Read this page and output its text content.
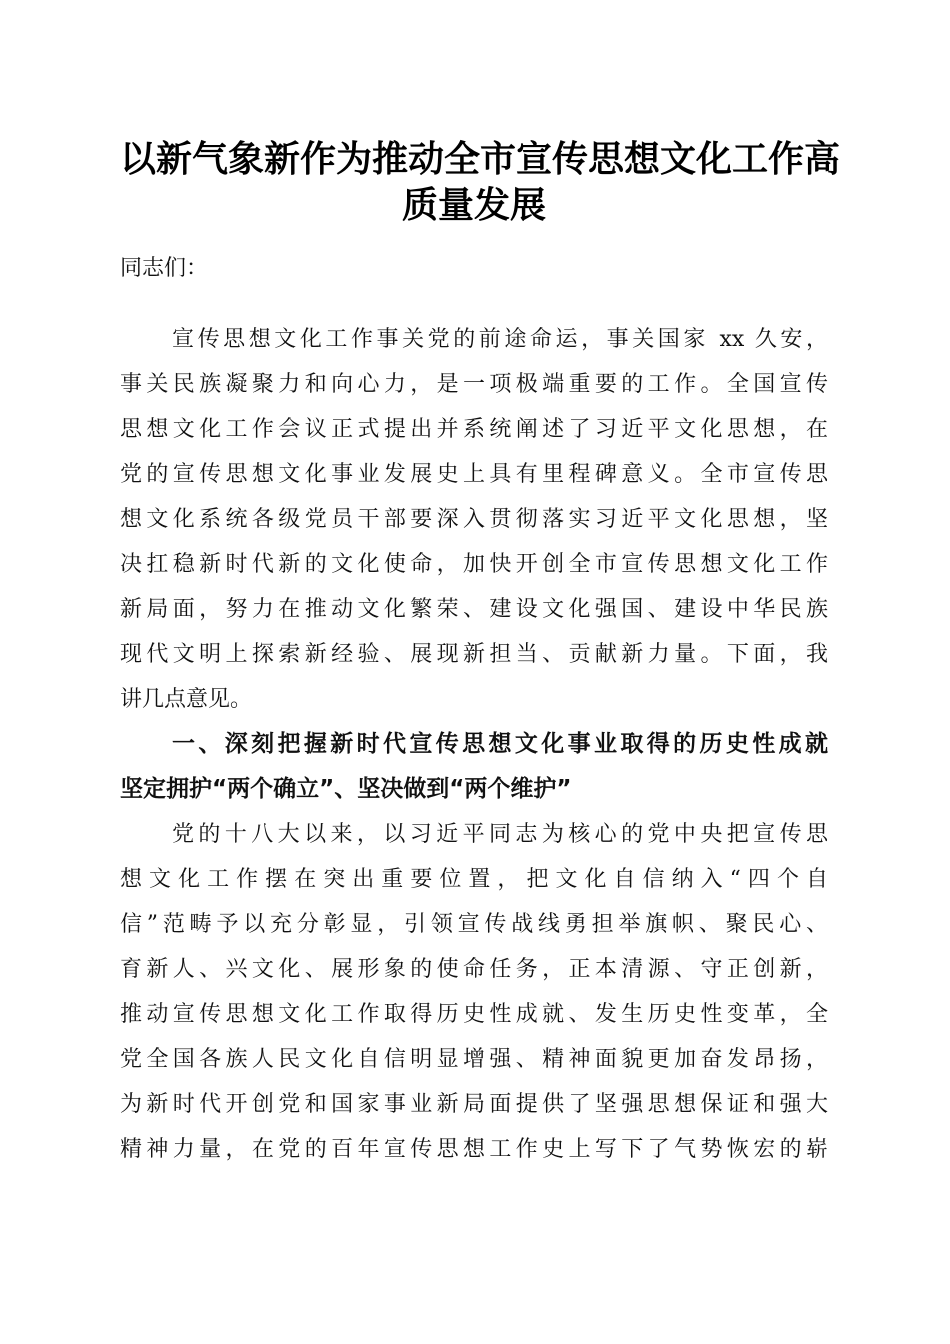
以新气象新作为推动全市宣传思想文化工作高
质量发展
同志们：
宣传思想文化工作事关党的前途命运，事关国家 xx 久安，
事关民族凝聚力和向心力，是一项极端重要的工作。全国宣传
思想文化工作会议正式提出并系统阐述了习近平文化思想，在
党的宣传思想文化事业发展史上具有里程碑意义。全市宣传思
想文化系统各级党员干部要深入贯彻落实习近平文化思想，坚
决扛稳新时代新的文化使命，加快开创全市宣传思想文化工作
新局面，努力在推动文化繁荣、建设文化强国、建设中华民族
现代文明上探索新经验、展现新担当、贡献新力量。下面，我
讲几点意见。
一、深刻把握新时代宣传思想文化事业取得的历史性成就
坚定拥护“两个确立”、坚决做到“两个维护”
党的十八大以来，以习近平同志为核心的党中央把宣传思
想文化工作摆在突出重要位置，把文化自信纳入“四个自
信”范畴予以充分彰显，引领宣传战线勇担举旗帜、聚民心、
育新人、兴文化、展形象的使命任务，正本清源、守正创新，
推动宣传思想文化工作取得历史性成就、发生历史性变革，全
党全国各族人民文化自信明显增强、精神面貌更加奋发昂扬，
为新时代开创党和国家事业新局面提供了坚强思想保证和强大
精神力量，在党的百年宣传思想工作史上写下了气势恢宏的崭
